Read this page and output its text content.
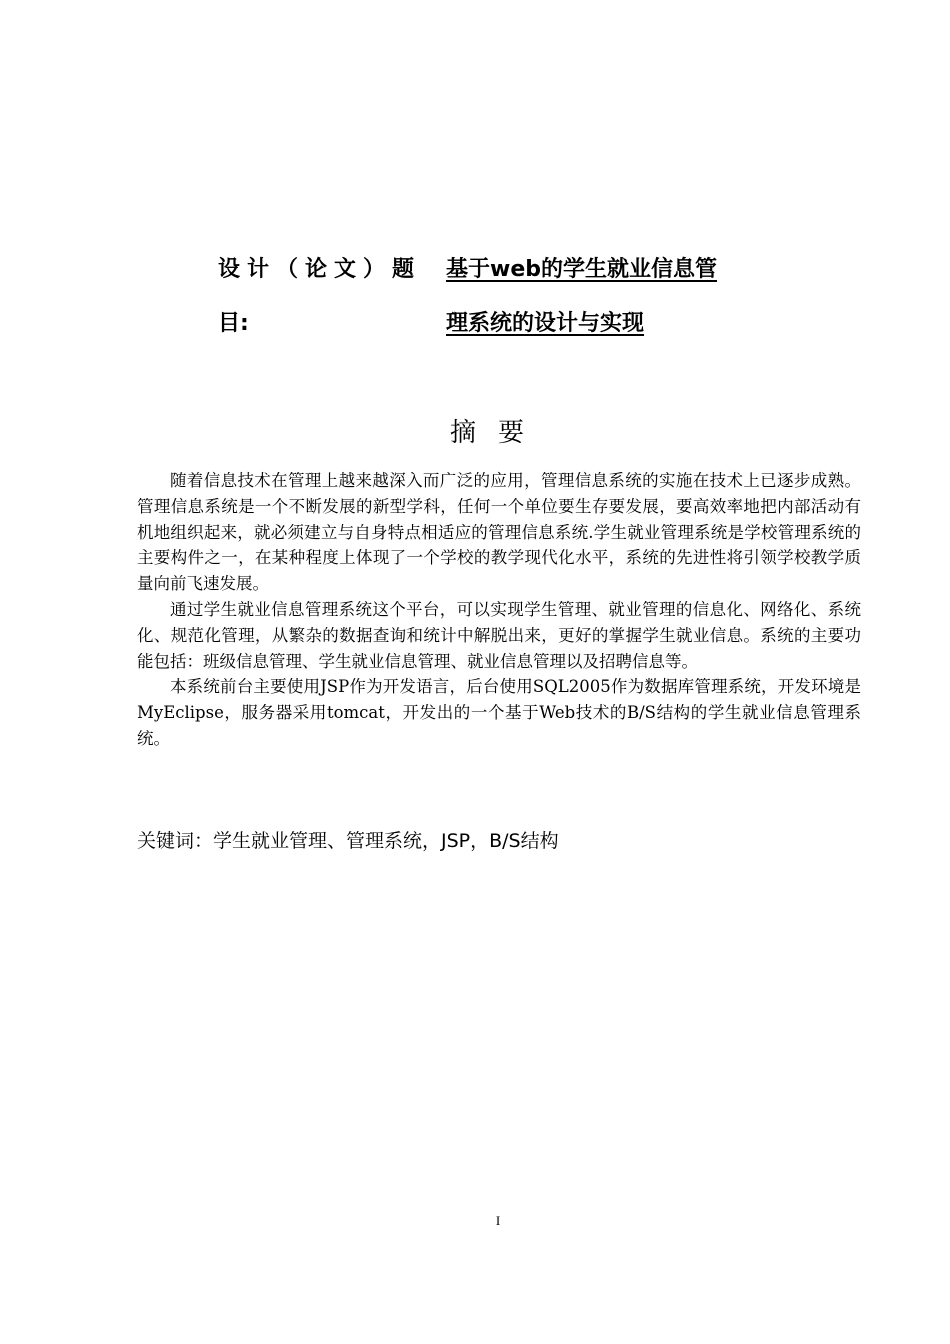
设计（论文）题 基于web的学生就业信息管
目:	理系统的设计与实现
摘要

随着信息技术在管理上越来越深入而广泛的应用，管理信息系统的实施在技术上已逐步成熟。管理信息系统是一个不断发展的新型学科，任何一个单位要生存要发展，要高效率地把内部活动有机地组织起来，就必须建立与自身特点相适应的管理信息系统.学生就业管理系统是学校管理系统的主要构件之一，在某种程度上体现了一个学校的教学现代化水平，系统的先进性将引领学校教学质量向前飞速发展。

通过学生就业信息管理系统这个平台，可以实现学生管理、就业管理的信息化、网络化、系统化、规范化管理，从繁杂的数据查询和统计中解脱出来，更好的掌握学生就业信息。系统的主要功能包括：班级信息管理、学生就业信息管理、就业信息管理以及招聘信息等。

本系统前台主要使用JSP作为开发语言，后台使用SQL2005作为数据库管理系统，开发环境是MyEclipse，服务器采用tomcat，开发出的一个基于Web技术的B/S结构的学生就业信息管理系统。

关键词：学生就业管理、管理系统，JSP，B/S结构
I
